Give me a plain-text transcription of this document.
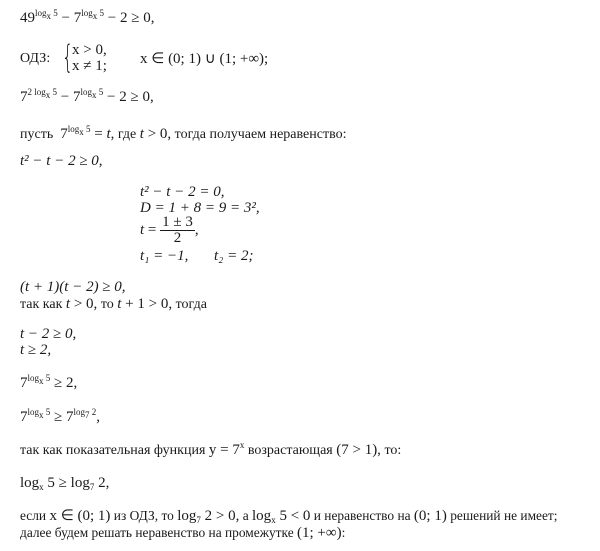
$49^{log_x 5} - 7^{log_x 5} - 2 \ge 0$,
ОДЗ: {
x > 0,
x ≠ 1; x ∈ (0; 1) ∪ (1; +∞);
$7^{2 log_x 5} - 7^{log_x 5} - 2 \ge 0$,
пусть $7^{log_x 5} = t$, где t > 0, тогда получаем неравенство:
t² − t − 2 ≥ 0,
t² − t − 2 = 0,
D = 1 + 8 = 9 = 3²,
$t = \frac{1 \pm 3}{2}$ ,
t₁ = −1, t₂ = 2;
(t + 1)(t − 2) ≥ 0,
так как t > 0, то t + 1 > 0, тогда
t − 2 ≥ 0,
t ≥ 2,
$7^{log_x 5} \ge 2$,
$7^{log_x 5} \ge 7^{log_7 2}$,
так как показательная функция $y = 7^x$ возрастающая (7 > 1), то:
$\log_x 5 \ge \log_7 2$,
если x ∈ (0; 1) из ОДЗ, то $\log_7 2 > 0$, а $\log_x 5 < 0$ и неравенство на (0; 1) решений не имеет;
далее будем решать неравенство на промежутке (1; +∞):
